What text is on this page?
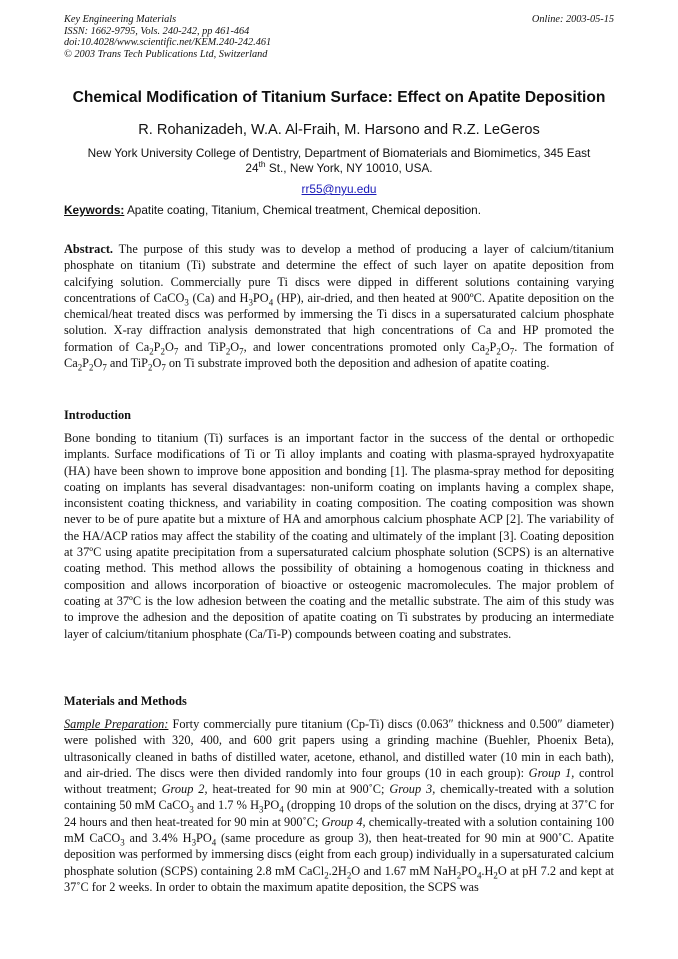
Key Engineering Materials
ISSN: 1662-9795, Vols. 240-242, pp 461-464
doi:10.4028/www.scientific.net/KEM.240-242.461
© 2003 Trans Tech Publications Ltd, Switzerland
Online: 2003-05-15
Chemical Modification of Titanium Surface: Effect on Apatite Deposition
R. Rohanizadeh, W.A. Al-Fraih, M. Harsono and R.Z. LeGeros
New York University College of Dentistry, Department of Biomaterials and Biomimetics, 345 East
24th St., New York, NY 10010, USA.
rr55@nyu.edu
Keywords: Apatite coating, Titanium, Chemical treatment, Chemical deposition.
Abstract. The purpose of this study was to develop a method of producing a layer of calcium/titanium phosphate on titanium (Ti) substrate and determine the effect of such layer on apatite deposition from calcifying solution. Commercially pure Ti discs were dipped in different solutions containing varying concentrations of CaCO$_3$ (Ca) and $H_3PO_4$ (HP), air-dried, and then heated at 900ºC. Apatite deposition on the chemical/heat treated discs was performed by immersing the Ti discs in a supersaturated calcium phosphate solution. X-ray diffraction analysis demonstrated that high concentrations of Ca and HP promoted the formation of $Ca_2P_2O_7$ and $TiP_2O_7$, and lower concentrations promoted only $Ca_2P_2O_7$. The formation of $Ca_2P_2O_7$ and $TiP_2O_7$ on Ti substrate improved both the deposition and adhesion of apatite coating.
Introduction
Bone bonding to titanium (Ti) surfaces is an important factor in the success of the dental or orthopedic implants. Surface modifications of Ti or Ti alloy implants and coating with plasma-sprayed hydroxyapatite (HA) have been shown to improve bone apposition and bonding [1]. The plasma-spray method for depositing coating on implants has several disadvantages: non-uniform coating on implants having a complex shape, inconsistent coating thickness, and variability in coating composition. The coating composition was shown never to be of pure apatite but a mixture of HA and amorphous calcium phosphate ACP [2]. The variability of the HA/ACP ratios may affect the stability of the coating and ultimately of the implant [3]. Coating deposition at 37ºC using apatite precipitation from a supersaturated calcium phosphate solution (SCPS) is an alternative coating method. This method allows the possibility of obtaining a homogenous coating in thickness and composition and allows incorporation of bioactive or osteogenic macromolecules. The major problem of coating at 37ºC is the low adhesion between the coating and the metallic substrate. The aim of this study was to improve the adhesion and the deposition of apatite coating on Ti substrates by producing an intermediate layer of calcium/titanium phosphate (Ca/Ti-P) compounds between coating and substrates.
Materials and Methods
Sample Preparation: Forty commercially pure titanium (Cp-Ti) discs (0.063″ thickness and 0.500″ diameter) were polished with 320, 400, and 600 grit papers using a grinding machine (Buehler, Phoenix Beta), ultrasonically cleaned in baths of distilled water, acetone, ethanol, and distilled water (10 min in each bath), and air-dried. The discs were then divided randomly into four groups (10 in each group): Group 1, control without treatment; Group 2, heat-treated for 90 min at 900˚C; Group 3, chemically-treated with a solution containing 50 mM CaCO$_3$ and 1.7 % $H_3PO_4$ (dropping 10 drops of the solution on the discs, drying at 37˚C for 24 hours and then heat-treated for 90 min at 900˚C; Group 4, chemically-treated with a solution containing 100 mM CaCO$_3$ and 3.4% $H_3PO_4$ (same procedure as group 3), then heat-treated for 90 min at 900˚C. Apatite deposition was performed by immersing discs (eight from each group) individually in a supersaturated calcium phosphate solution (SCPS) containing 2.8 mM $CaCl_2.2H_2O$ and 1.67 mM $NaH_2PO_4.H_2O$ at pH 7.2 and kept at 37˚C for 2 weeks. In order to obtain the maximum apatite deposition, the SCPS was
